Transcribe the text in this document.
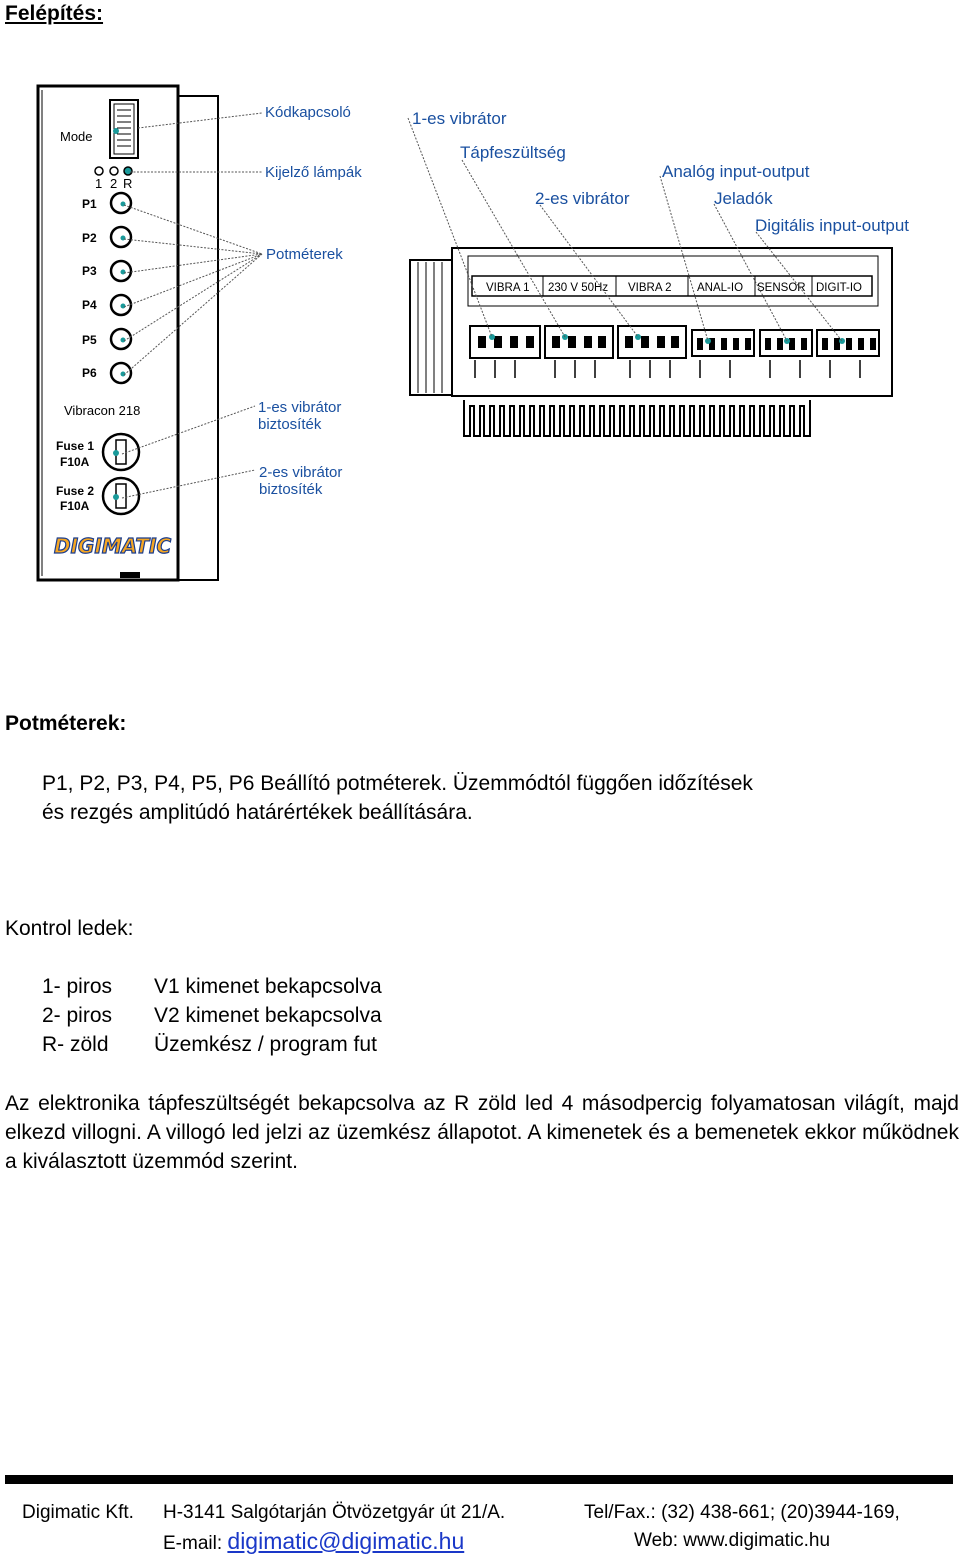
Felépítés:
Mode
1 2 R
P1
P2
P3
P4
P5
P6
Vibracon 218
Fuse 1
F10A
Fuse 2
F10A
DIGIMATIC
Kódkapcsoló
Kijelző lámpák
Potméterek
1-es vibrátor
biztosíték
2-es vibrátor
biztosíték
VIBRA 1 230 V 50Hz VIBRA 2 ANAL-IO SENSOR DIGIT-IO
1-es vibrátor
Tápfeszültség
2-es vibrátor
Analóg input-output
Jeladók
Digitális input-output
Potméterek:
P1, P2, P3, P4, P5, P6 Beállító potméterek. Üzemmódtól függően időzítések
és rezgés amplitúdó határértékek beállítására.
Kontrol ledek:
1- piros	V1 kimenet bekapcsolva
2- piros	V2 kimenet bekapcsolva
R- zöld	Üzemkész / program fut
Az elektronika tápfeszültségét bekapcsolva az R zöld led 4 másodpercig folyamatosan világít, majd elkezd villogni. A villogó led jelzi az üzemkész állapotot. A kimenetek és a bemenetek ekkor működnek a kiválasztott üzemmód szerint.
Digimatic Kft. H-3141 Salgótarján Ötvözetgyár út 21/A.	Tel/Fax.: (32) 438-661; (20)3944-169,
E-mail: digimatic@digimatic.hu	Web: www.digimatic.hu
